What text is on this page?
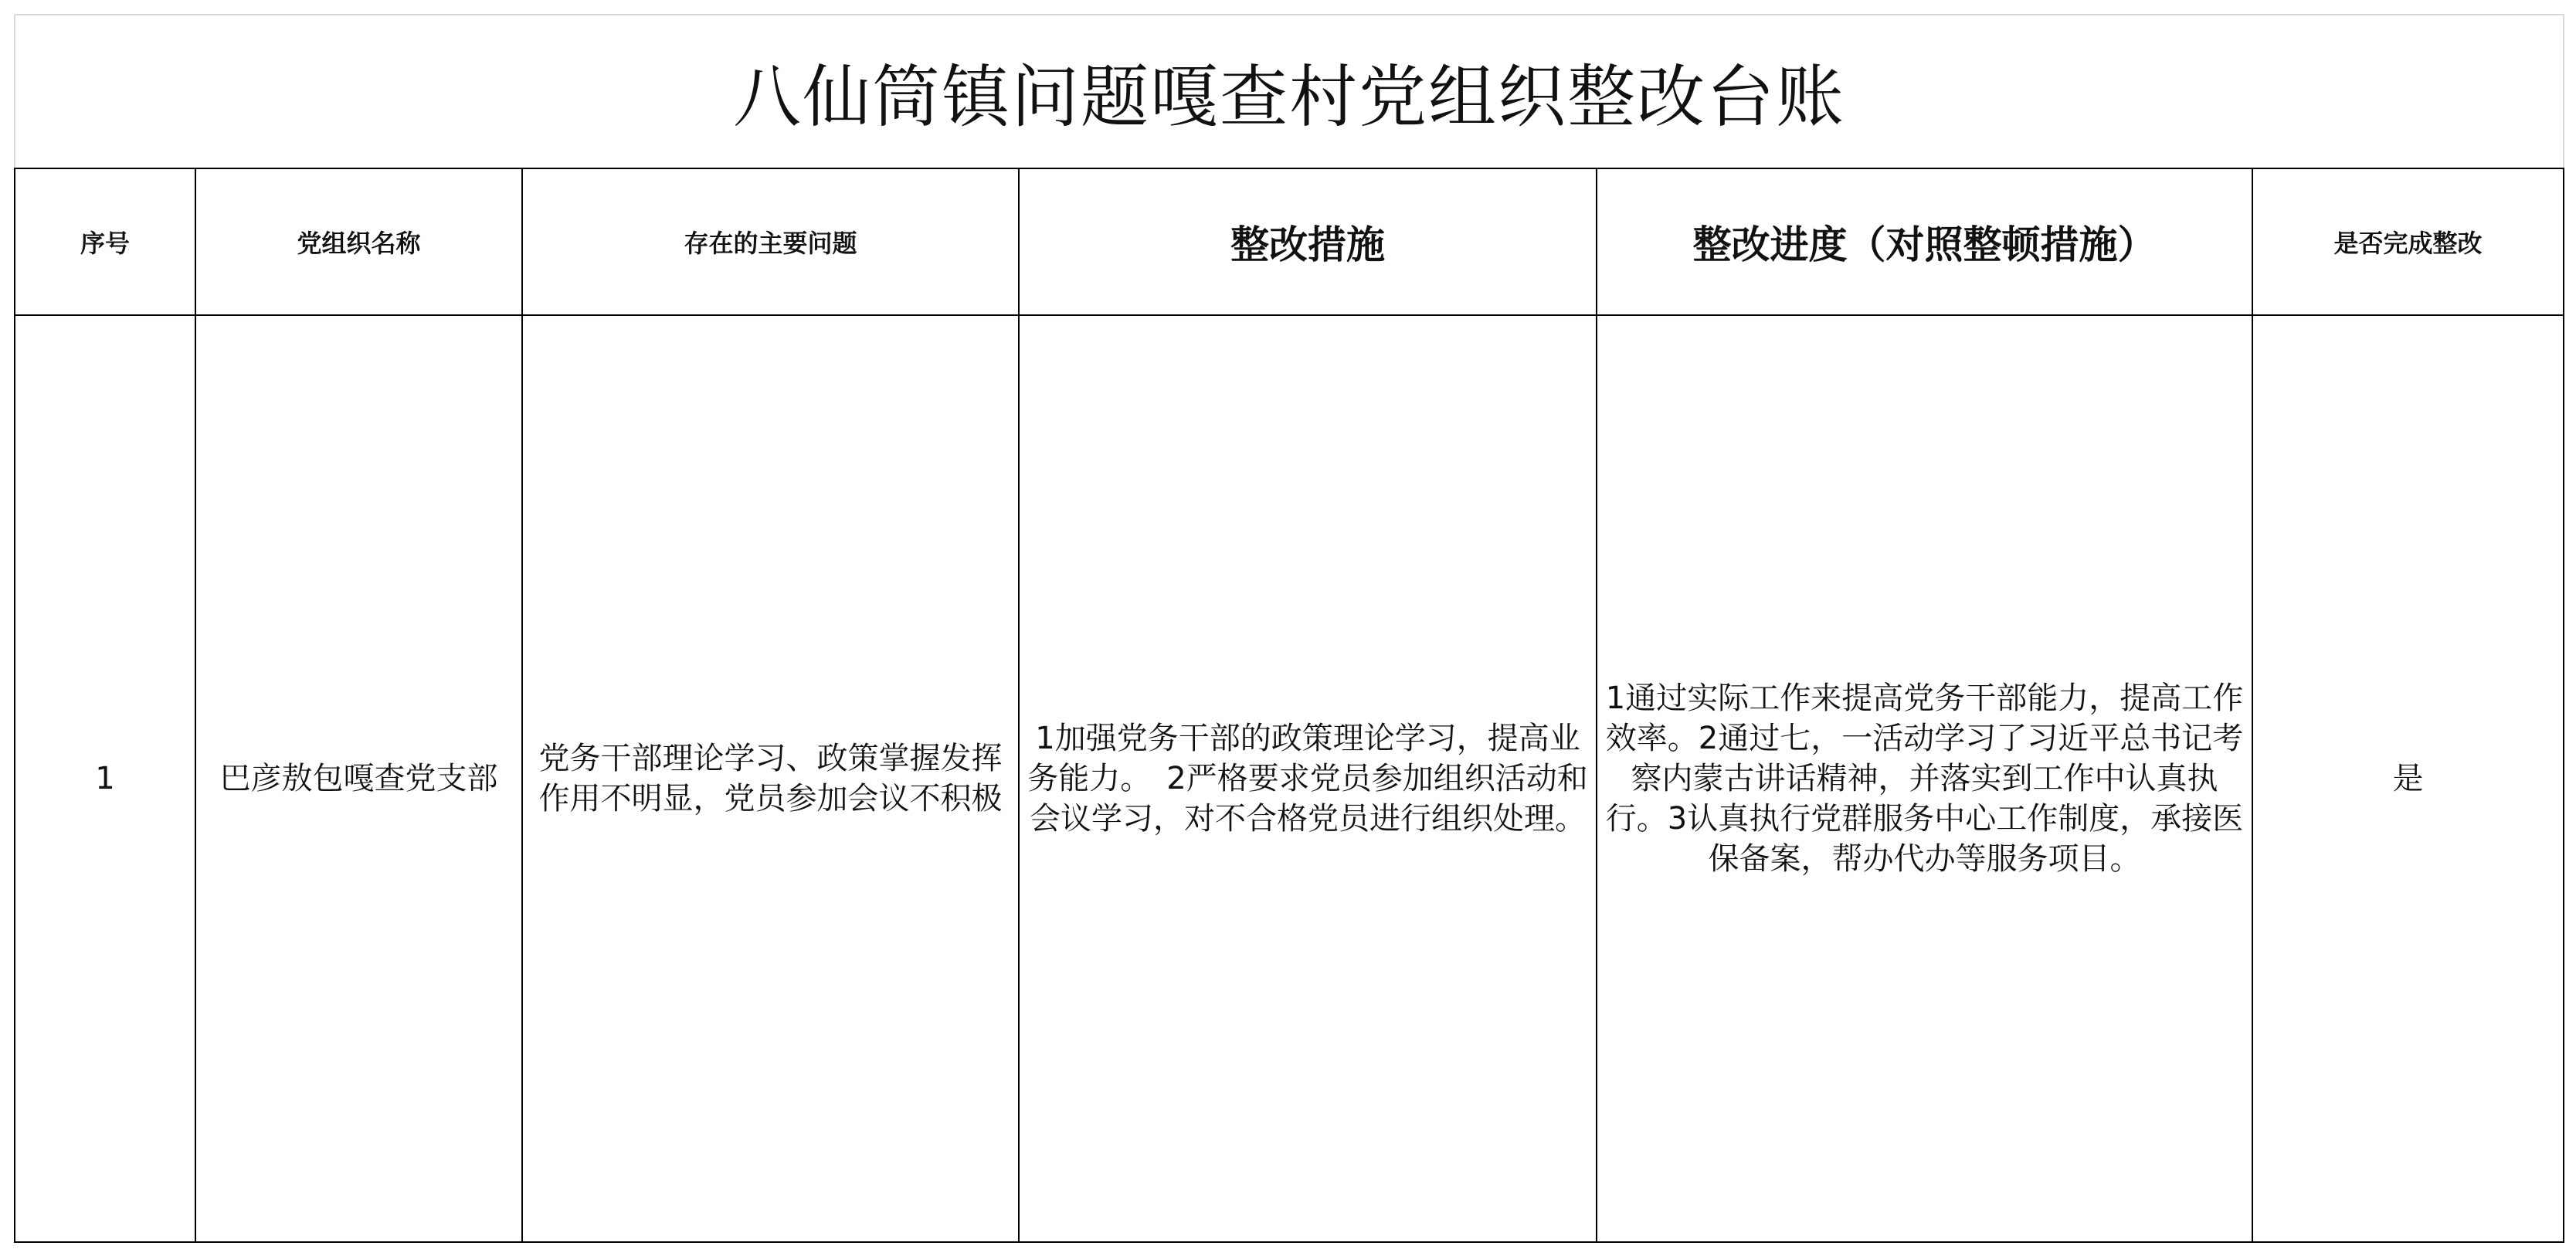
八仙筒镇问题嘎查村党组织整改台账					
序号	党组织名称	存在的主要问题	整改措施	整改进度（对照整顿措施）	是否完成整改
1	巴彦敖包嘎查党支部	党务干部理论学习、政策掌握发挥作用不明显，党员参加会议不积极	1加强党务干部的政策理论学习，提高业务能力。　2严格要求党员参加组织活动和会议学习，对不合格党员进行组织处理。	1通过实际工作来提高党务干部能力，提高工作效率。2通过七，一活动学习了习近平总书记考察内蒙古讲话精神，并落实到工作中认真执行。3认真执行党群服务中心工作制度，承接医保备案，帮办代办等服务项目。	是
